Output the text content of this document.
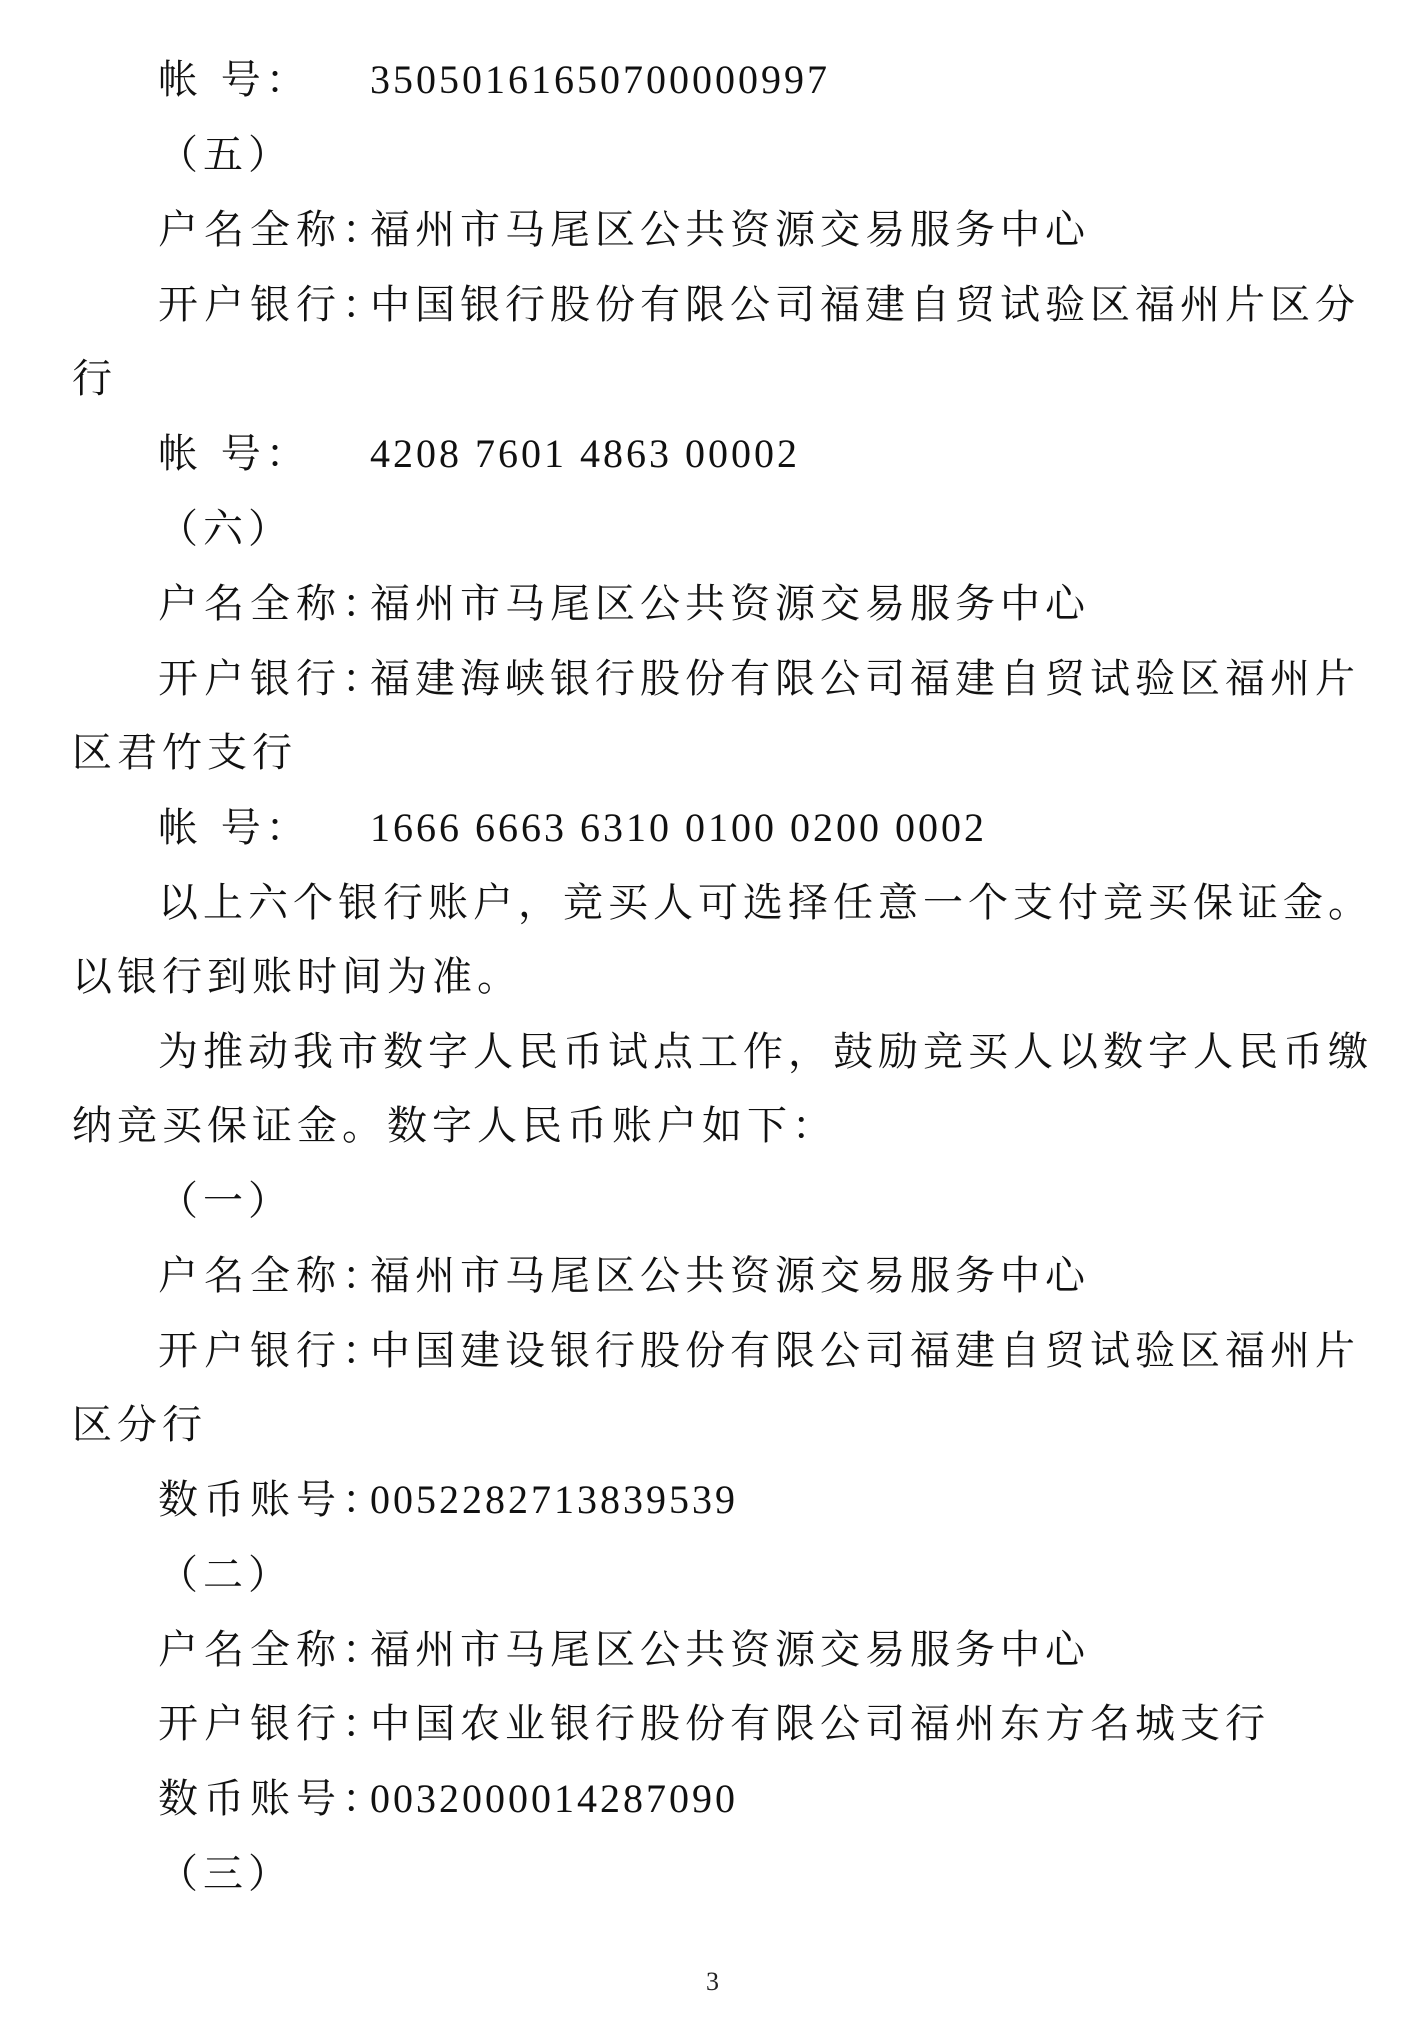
帐 号： 35050161650700000997
（五）
户名全称：福州市马尾区公共资源交易服务中心
开户银行：中国银行股份有限公司福建自贸试验区福州片区分
行
帐 号： 4208 7601 4863 00002
（六）
户名全称：福州市马尾区公共资源交易服务中心
开户银行：福建海峡银行股份有限公司福建自贸试验区福州片
区君竹支行
帐 号： 1666 6663 6310 0100 0200 0002
以上六个银行账户，竞买人可选择任意一个支付竞买保证金。
以银行到账时间为准。
为推动我市数字人民币试点工作，鼓励竞买人以数字人民币缴
纳竞买保证金。数字人民币账户如下：
（一）
户名全称：福州市马尾区公共资源交易服务中心
开户银行：中国建设银行股份有限公司福建自贸试验区福州片
区分行
数币账号：0052282713839539
（二）
户名全称：福州市马尾区公共资源交易服务中心
开户银行：中国农业银行股份有限公司福州东方名城支行
数币账号：0032000014287090
（三）
3
